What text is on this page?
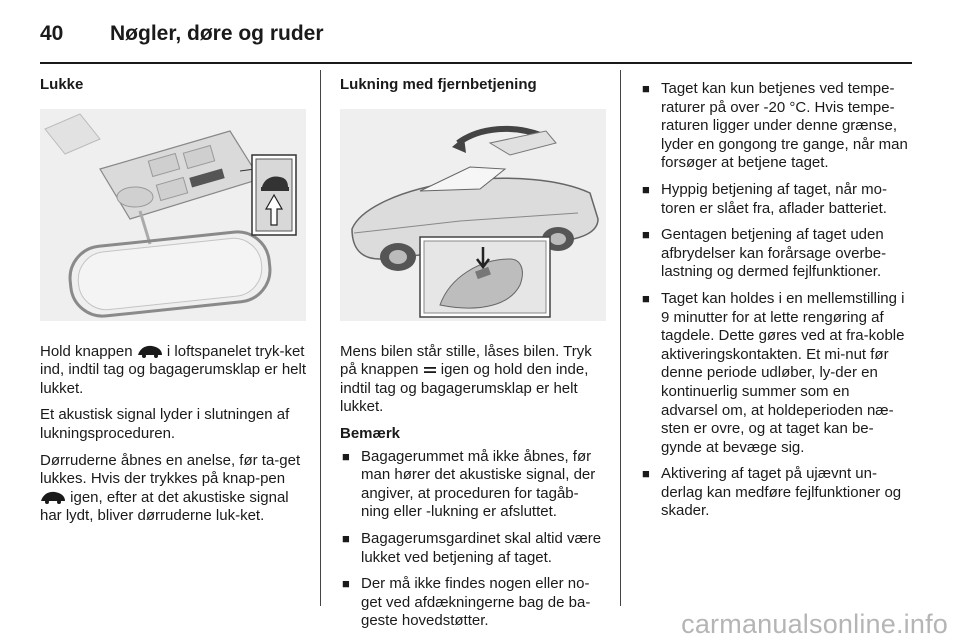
40 Nøgler, døre og ruder
Lukke

Hold knappen  i loftspanelet tryk-ket ind, indtil tag og bagagerumsklap er helt lukket.

Et akustisk signal lyder i slutningen af lukningsproceduren.

Dørruderne åbnes en anelse, før ta-get lukkes. Hvis der trykkes på knap-pen  igen, efter at det akustiske signal har lydt, bliver dørruderne luk-ket.

Lukning med fjernbetjening

Mens bilen står stille, låses bilen. Tryk på knappen  igen og hold den inde, indtil tag og bagagerumsklap er helt lukket.

Bemærk
■ Bagagerummet må ikke åbnes, før man hører det akustiske signal, der angiver, at proceduren for tagåb-ning eller -lukning er afsluttet.
■ Bagagerumsgardinet skal altid være lukket ved betjening af taget.
■ Der må ikke findes nogen eller no-get ved afdækningerne bag de ba-geste hovedstøtter.
■ Taget kan kun betjenes ved tempe-raturer på over -20 °C. Hvis tempe-raturen ligger under denne grænse, lyder en gongong tre gange, når man forsøger at betjene taget.
■ Hyppig betjening af taget, når mo-toren er slået fra, aflader batteriet.
■ Gentagen betjening af taget uden afbrydelser kan forårsage overbe-lastning og dermed fejlfunktioner.
■ Taget kan holdes i en mellemstilling i 9 minutter for at lette rengøring af tagdele. Dette gøres ved at fra-koble aktiveringskontakten. Et mi-nut før denne periode udløber, ly-der en kontinuerlig summer som en advarsel om, at holdeperioden næ-sten er ovre, og at taget kan be-gynde at bevæge sig.
■ Aktivering af taget på ujævnt un-derlag kan medføre fejlfunktioner og skader.
carmanualsonline.info
